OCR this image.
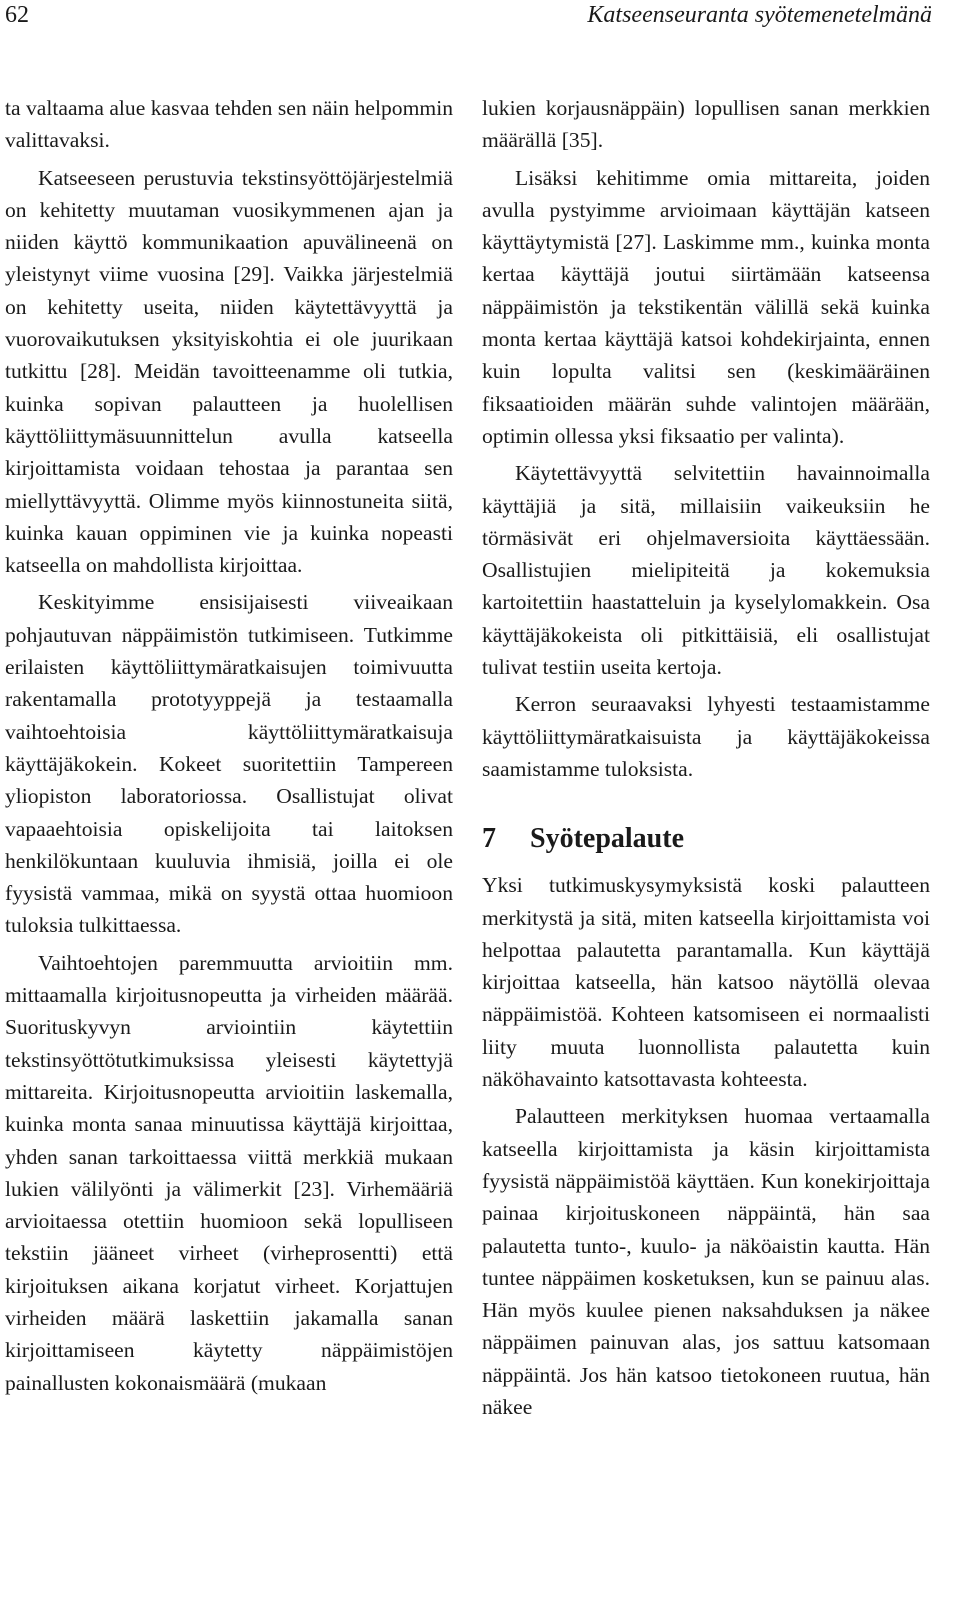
62	Katseenseuranta syötemenetelmänä

ta valtaama alue kasvaa tehden sen näin helpommin valittavaksi.

Katseeseen perustuvia tekstinsyöttöjärjestelmiä on kehitetty muutaman vuosikymmenen ajan ja niiden käyttö kommunikaation apuvälineenä on yleistynyt viime vuosina [29]. Vaikka järjestelmiä on kehitetty useita, niiden käytettävyyttä ja vuorovaikutuksen yksityiskohtia ei ole juurikaan tutkittu [28]. Meidän tavoitteenamme oli tutkia, kuinka sopivan palautteen ja huolellisen käyttöliittymäsuunnittelun avulla katseella kirjoittamista voidaan tehostaa ja parantaa sen miellyttävyyttä. Olimme myös kiinnostuneita siitä, kuinka kauan oppiminen vie ja kuinka nopeasti katseella on mahdollista kirjoittaa.

Keskityimme ensisijaisesti viiveaikaan pohjautuvan näppäimistön tutkimiseen. Tutkimme erilaisten käyttöliittymäratkaisujen toimivuutta rakentamalla prototyyppejä ja testaamalla vaihtoehtoisia käyttöliittymäratkaisuja käyttäjäkokein. Kokeet suoritettiin Tampereen yliopiston laboratoriossa. Osallistujat olivat vapaaehtoisia opiskelijoita tai laitoksen henkilökuntaan kuuluvia ihmisiä, joilla ei ole fyysistä vammaa, mikä on syystä ottaa huomioon tuloksia tulkittaessa.

Vaihtoehtojen paremmuutta arvioitiin mm. mittaamalla kirjoitusnopeutta ja virheiden määrää. Suorituskyvyn arviointiin käytettiin tekstinsyöttötutkimuksissa yleisesti käytettyjä mittareita. Kirjoitusnopeutta arvioitiin laskemalla, kuinka monta sanaa minuutissa käyttäjä kirjoittaa, yhden sanan tarkoittaessa viittä merkkiä mukaan lukien välilyönti ja välimerkit [23]. Virhemääriä arvioitaessa otettiin huomioon sekä lopulliseen tekstiin jääneet virheet (virheprosentti) että kirjoituksen aikana korjatut virheet. Korjattujen virheiden määrä laskettiin jakamalla sanan kirjoittamiseen käytetty näppäimistöjen painallusten kokonaismäärä (mukaan

lukien korjausnäppäin) lopullisen sanan merkkien määrällä [35].

Lisäksi kehitimme omia mittareita, joiden avulla pystyimme arvioimaan käyttäjän katseen käyttäytymistä [27]. Laskimme mm., kuinka monta kertaa käyttäjä joutui siirtämään katseensa näppäimistön ja tekstikentän välillä sekä kuinka monta kertaa käyttäjä katsoi kohdekirjainta, ennen kuin lopulta valitsi sen (keskimääräinen fiksaatioiden määrän suhde valintojen määrään, optimin ollessa yksi fiksaatio per valinta).

Käytettävyyttä selvitettiin havainnoimalla käyttäjiä ja sitä, millaisiin vaikeuksiin he törmäsivät eri ohjelmaversioita käyttäessään. Osallistujien mielipiteitä ja kokemuksia kartoitettiin haastatteluin ja kyselylomakkein. Osa käyttäjäkokeista oli pitkittäisiä, eli osallistujat tulivat testiin useita kertoja.

Kerron seuraavaksi lyhyesti testaamistamme käyttöliittymäratkaisuista ja käyttäjäkokeissa saamistamme tuloksista.

7 Syötepalaute

Yksi tutkimuskysymyksistä koski palautteen merkitystä ja sitä, miten katseella kirjoittamista voi helpottaa palautetta parantamalla. Kun käyttäjä kirjoittaa katseella, hän katsoo näytöllä olevaa näppäimistöä. Kohteen katsomiseen ei normaalisti liity muuta luonnollista palautetta kuin näköhavainto katsottavasta kohteesta.

Palautteen merkityksen huomaa vertaamalla katseella kirjoittamista ja käsin kirjoittamista fyysistä näppäimistöä käyttäen. Kun konekirjoittaja painaa kirjoituskoneen näppäintä, hän saa palautetta tunto-, kuulo- ja näköaistin kautta. Hän tuntee näppäimen kosketuksen, kun se painuu alas. Hän myös kuulee pienen naksahduksen ja näkee näppäimen painuvan alas, jos sattuu katsomaan näppäintä. Jos hän katsoo tietokoneen ruutua, hän näkee
